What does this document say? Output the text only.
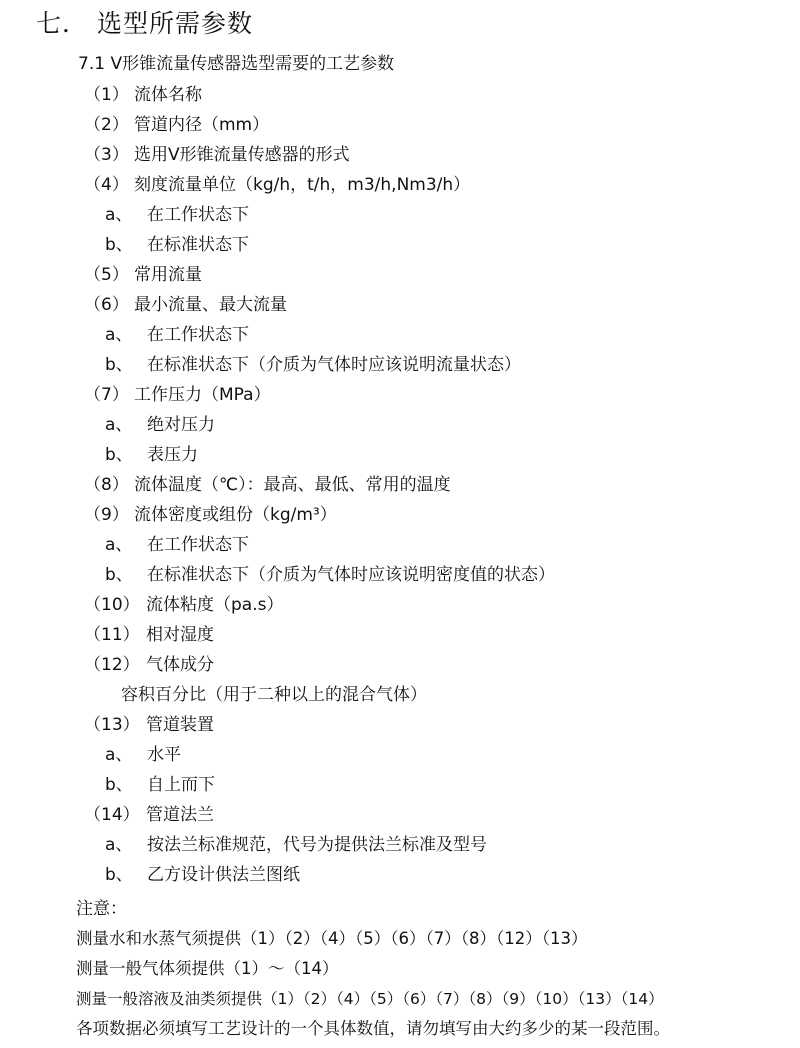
七． 选型所需参数
7.1 V形锥流量传感器选型需要的工艺参数
（1） 流体名称
（2） 管道内径（mm）
（3） 选用V形锥流量传感器的形式
（4） 刻度流量单位（kg/h，t/h，m3/h,Nm3/h）
a、 在工作状态下
b、 在标准状态下
（5） 常用流量
（6） 最小流量、最大流量
a、 在工作状态下
b、 在标准状态下（介质为气体时应该说明流量状态）
（7） 工作压力（MPa）
a、 绝对压力
b、 表压力
（8） 流体温度（℃）：最高、最低、常用的温度
（9） 流体密度或组份（kg/m³）
a、 在工作状态下
b、 在标准状态下（介质为气体时应该说明密度值的状态）
（10） 流体粘度（pa.s）
（11） 相对湿度
（12） 气体成分
容积百分比（用于二种以上的混合气体）
（13） 管道装置
a、 水平
b、 自上而下
（14） 管道法兰
a、 按法兰标准规范，代号为提供法兰标准及型号
b、 乙方设计供法兰图纸
注意：
测量水和水蒸气须提供（1）（2）（4）（5）（6）（7）（8）（12）（13）
测量一般气体须提供（1）～（14）
测量一般溶液及油类须提供（1）（2）（4）（5）（6）（7）（8）（9）（10）（13）（14）
各项数据必须填写工艺设计的一个具体数值，请勿填写由大约多少的某一段范围。
